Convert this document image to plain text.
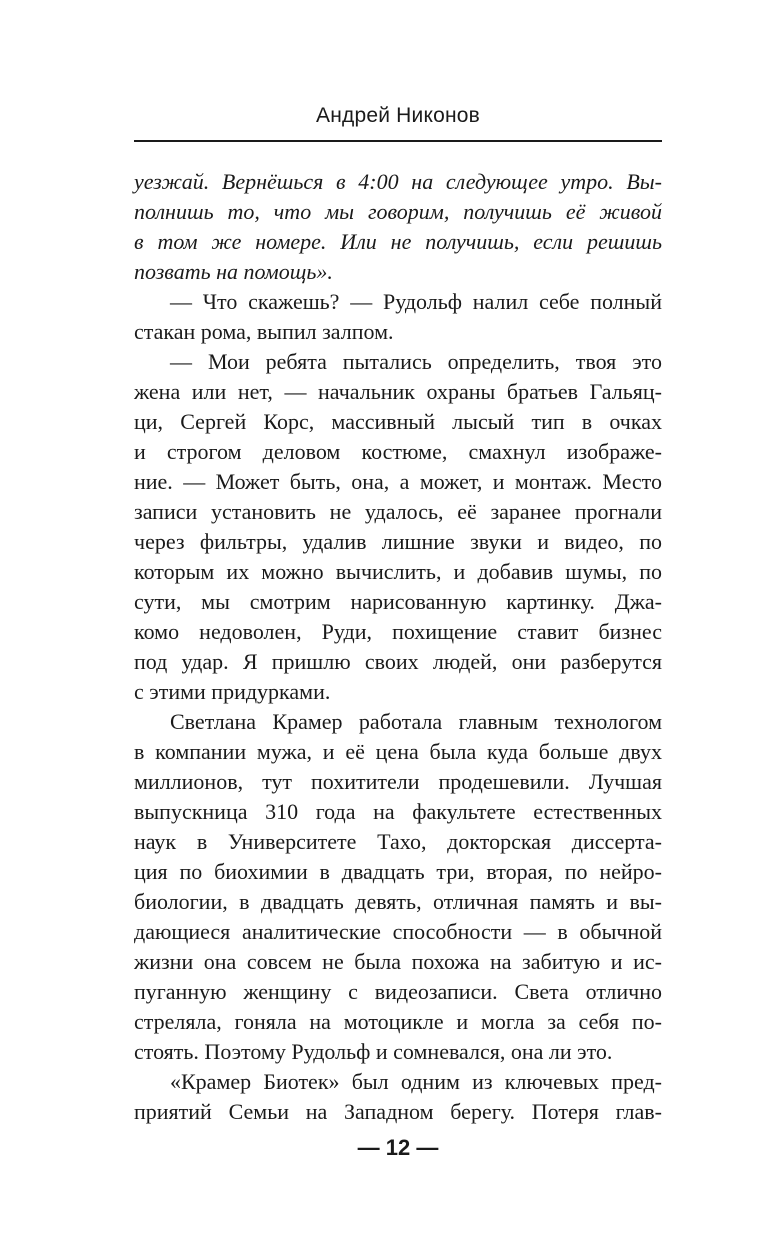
Андрей Никонов
уезжай. Вернёшься в 4:00 на следующее утро. Вы-
полнишь то, что мы говорим, получишь её живой
в том же номере. Или не получишь, если решишь
позвать на помощь».
— Что скажешь? — Рудольф налил себе полный
стакан рома, выпил залпом.
— Мои ребята пытались определить, твоя это
жена или нет, — начальник охраны братьев Гальяц-
ци, Сергей Корс, массивный лысый тип в очках
и строгом деловом костюме, смахнул изображе-
ние. — Может быть, она, а может, и монтаж. Место
записи установить не удалось, её заранее прогнали
через фильтры, удалив лишние звуки и видео, по
которым их можно вычислить, и добавив шумы, по
сути, мы смотрим нарисованную картинку. Джа-
комо недоволен, Руди, похищение ставит бизнес
под удар. Я пришлю своих людей, они разберутся
с этими придурками.
Светлана Крамер работала главным технологом
в компании мужа, и её цена была куда больше двух
миллионов, тут похитители продешевили. Лучшая
выпускница 310 года на факультете естественных
наук в Университете Тахо, докторская диссерта-
ция по биохимии в двадцать три, вторая, по нейро-
биологии, в двадцать девять, отличная память и вы-
дающиеся аналитические способности — в обычной
жизни она совсем не была похожа на забитую и ис-
пуганную женщину с видеозаписи. Света отлично
стреляла, гоняла на мотоцикле и могла за себя по-
стоять. Поэтому Рудольф и сомневался, она ли это.
«Крамер Биотек» был одним из ключевых пред-
приятий Семьи на Западном берегу. Потеря глав-
— 12 —
